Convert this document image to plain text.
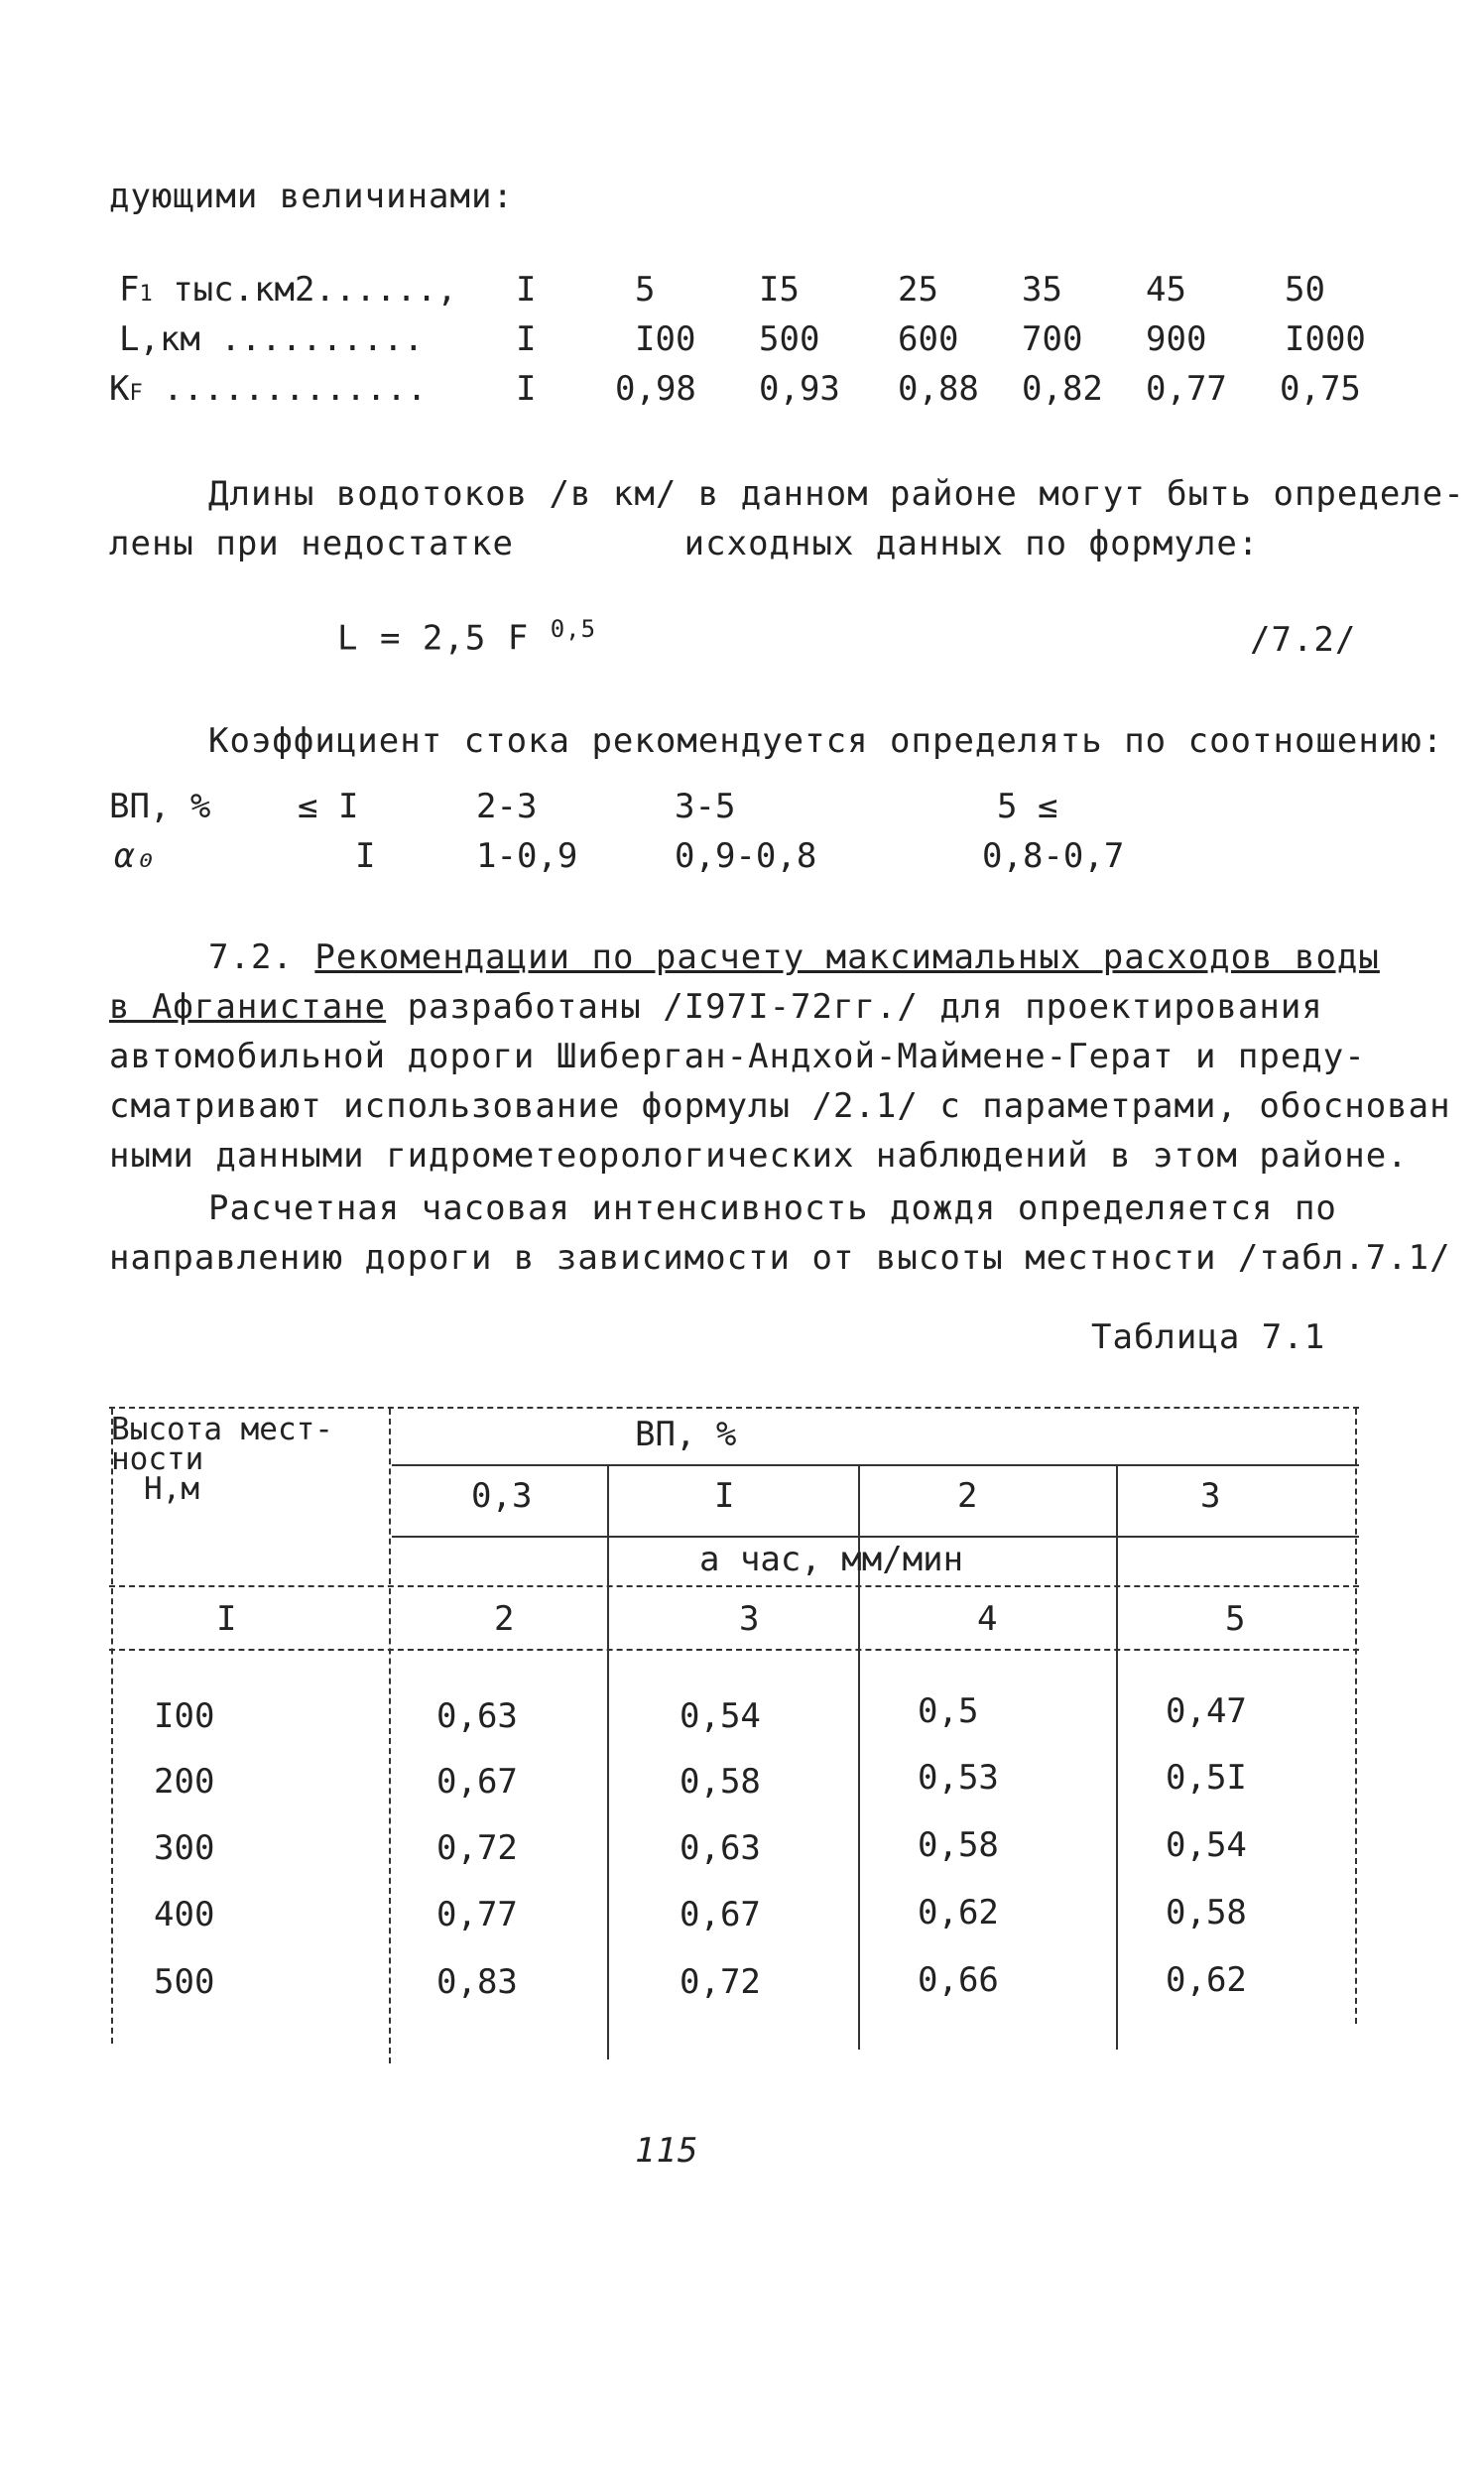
дующими величинами:
F1 тыс.км2......, I	5	I5	25 35 45	50
L,км ..........	I	I00 500 600 700 900 I000
КF .............	I 0,98 0,93 0,88 0,82 0,77 0,75
Длины водотоков /в км/ в данном районе могут быть определе-
лены при недостатке        исходных данных по формуле:
L = 2,5 F $^{0,5}$	/7.2/
Коэффициент стока рекомендуется определять по соотношению:
ВП, %	≤ I	2-3	3-5	5 ≤
α₀	I	1-0,9	0,9-0,8	0,8-0,7
7.2. Рекомендации по расчету максимальных расходов воды
в Афганистане разработаны /I97I-72гг./ для проектирования
автомобильной дороги Шиберган-Андхой-Маймене-Герат и преду-
сматривают использование формулы /2.1/ с параметрами, обоснован
ными данными гидрометеорологических наблюдений в этом районе.
Расчетная часовая интенсивность дождя определяется по
направлению дороги в зависимости от высоты местности /табл.7.1/
Таблица 7.1
Высота мест-
ности
Н,м
ВП, %
0,3	I	2	3
a час, мм/мин
I	2	3	4	5
I00	0,63	0,54	0,5	0,47
200	0,67	0,58	0,53	0,5I
300	0,72	0,63	0,58	0,54
400	0,77	0,67	0,62	0,58
500	0,83	0,72	0,66	0,62
115
